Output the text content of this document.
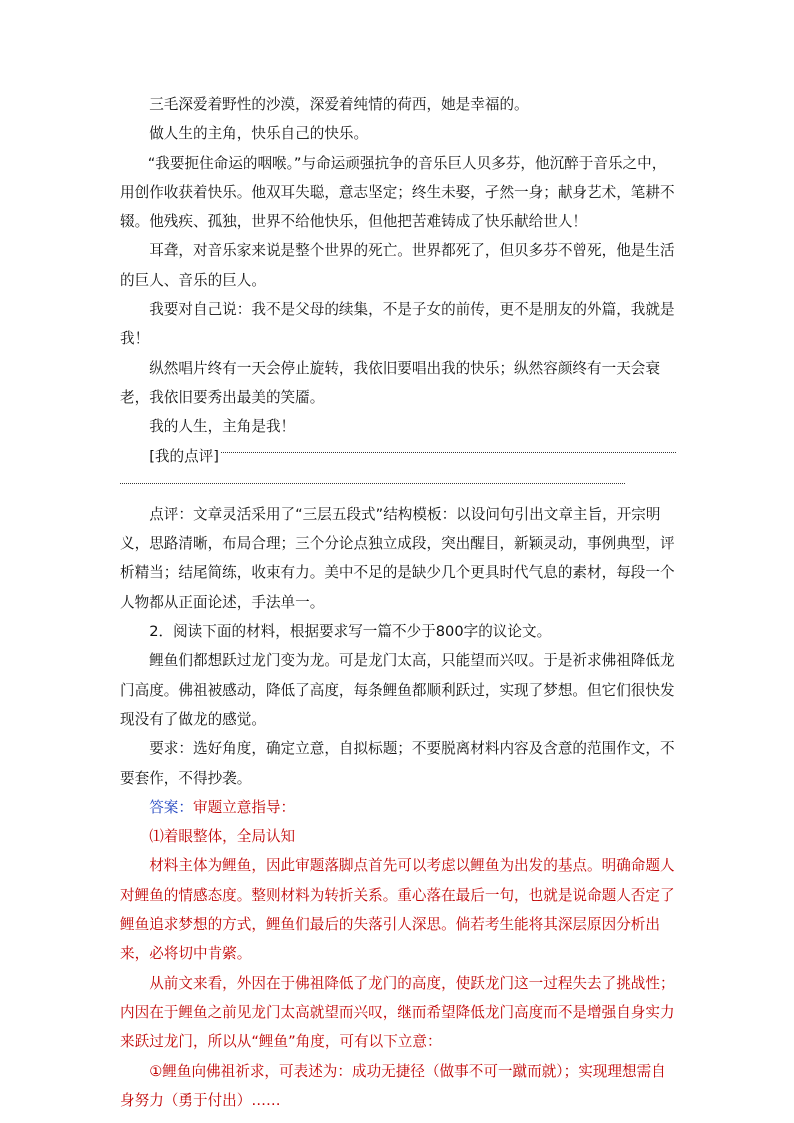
三毛深爱着野性的沙漠，深爱着纯情的荷西，她是幸福的。

做人生的主角，快乐自己的快乐。

“我要扼住命运的咽喉。”与命运顽强抗争的音乐巨人贝多芬，他沉醉于音乐之中，用创作收获着快乐。他双耳失聪，意志坚定；终生未娶，孑然一身；献身艺术，笔耕不辍。他残疾、孤独，世界不给他快乐，但他把苦难铸成了快乐献给世人！

耳聋，对音乐家来说是整个世界的死亡。世界都死了，但贝多芬不曾死，他是生活的巨人、音乐的巨人。

我要对自己说：我不是父母的续集，不是子女的前传，更不是朋友的外篇，我就是我！

纵然唱片终有一天会停止旋转，我依旧要唱出我的快乐；纵然容颜终有一天会衰老，我依旧要秀出最美的笑靥。

我的人生，主角是我！

[我的点评]

点评：文章灵活采用了“三层五段式”结构模板：以设问句引出文章主旨，开宗明义，思路清晰，布局合理；三个分论点独立成段，突出醒目，新颖灵动，事例典型，评析精当；结尾简练，收束有力。美中不足的是缺少几个更具时代气息的素材，每段一个人物都从正面论述，手法单一。

2．阅读下面的材料，根据要求写一篇不少于800字的议论文。

鲤鱼们都想跃过龙门变为龙。可是龙门太高，只能望而兴叹。于是祈求佛祖降低龙门高度。佛祖被感动，降低了高度，每条鲤鱼都顺利跃过，实现了梦想。但它们很快发现没有了做龙的感觉。

要求：选好角度，确定立意，自拟标题；不要脱离材料内容及含意的范围作文，不要套作，不得抄袭。

答案：审题立意指导：

⑴着眼整体，全局认知

材料主体为鲤鱼，因此审题落脚点首先可以考虑以鲤鱼为出发的基点。明确命题人对鲤鱼的情感态度。整则材料为转折关系。重心落在最后一句，也就是说命题人否定了鲤鱼追求梦想的方式，鲤鱼们最后的失落引人深思。倘若考生能将其深层原因分析出来，必将切中肯綮。

从前文来看，外因在于佛祖降低了龙门的高度，使跃龙门这一过程失去了挑战性；内因在于鲤鱼之前见龙门太高就望而兴叹，继而希望降低龙门高度而不是增强自身实力来跃过龙门，所以从“鲤鱼”角度，可有以下立意：

①鲤鱼向佛祖祈求，可表述为：成功无捷径（做事不可一蹴而就）；实现理想需自身努力（勇于付出）……
